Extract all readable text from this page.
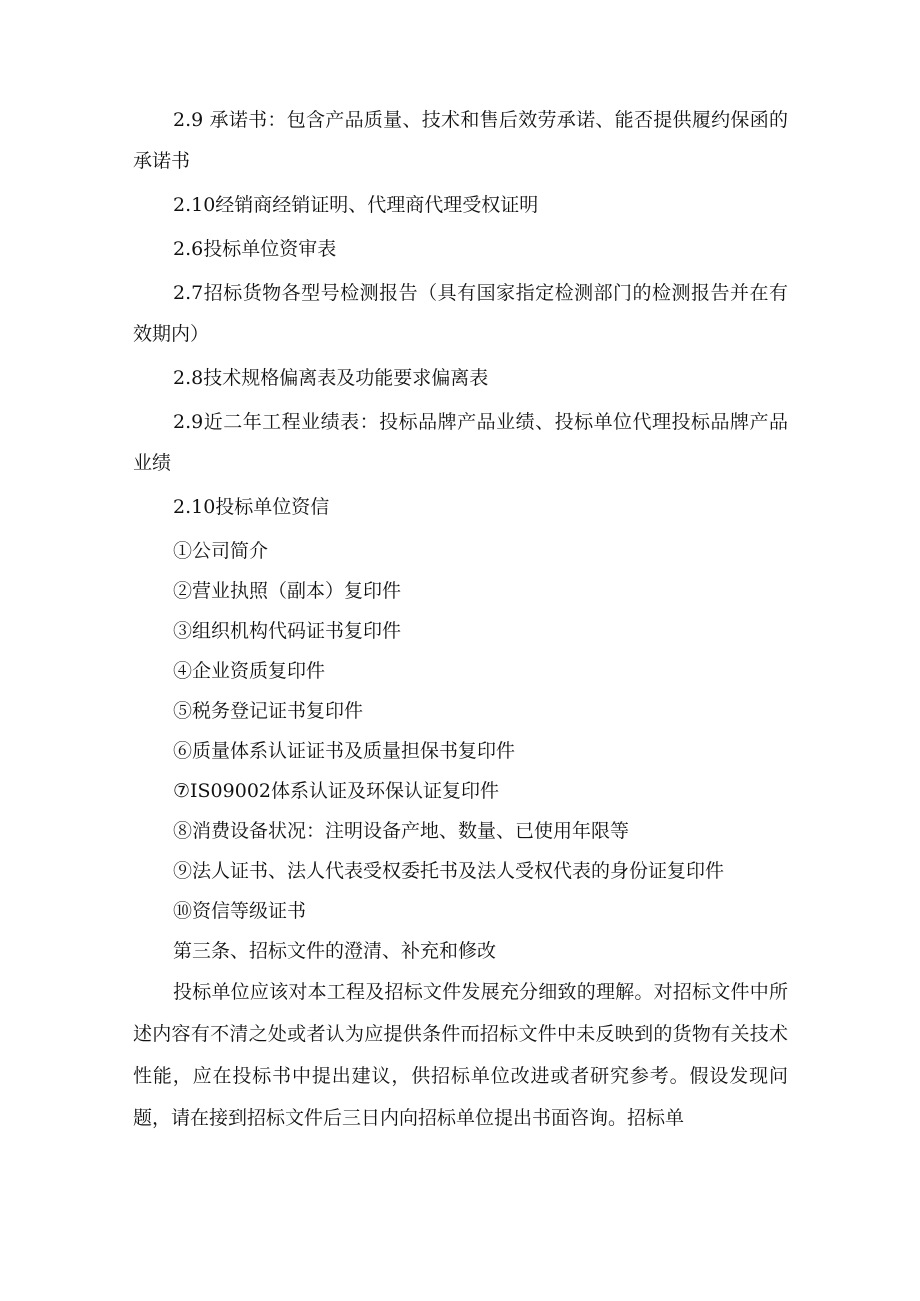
2.9 承诺书：包含产品质量、技术和售后效劳承诺、能否提供履约保函的承诺书

2.10经销商经销证明、代理商代理受权证明

2.6投标单位资审表

2.7招标货物各型号检测报告（具有国家指定检测部门的检测报告并在有效期内）

2.8技术规格偏离表及功能要求偏离表

2.9近二年工程业绩表：投标品牌产品业绩、投标单位代理投标品牌产品业绩

2.10投标单位资信

①公司简介

②营业执照（副本）复印件

③组织机构代码证书复印件

④企业资质复印件

⑤税务登记证书复印件

⑥质量体系认证证书及质量担保书复印件

⑦IS09002体系认证及环保认证复印件

⑧消费设备状况：注明设备产地、数量、已使用年限等

⑨法人证书、法人代表受权委托书及法人受权代表的身份证复印件

⑩资信等级证书

第三条、招标文件的澄清、补充和修改

投标单位应该对本工程及招标文件发展充分细致的理解。对招标文件中所述内容有不清之处或者认为应提供条件而招标文件中未反映到的货物有关技术性能，应在投标书中提出建议，供招标单位改进或者研究参考。假设发现问题，请在接到招标文件后三日内向招标单位提出书面咨询。招标单
